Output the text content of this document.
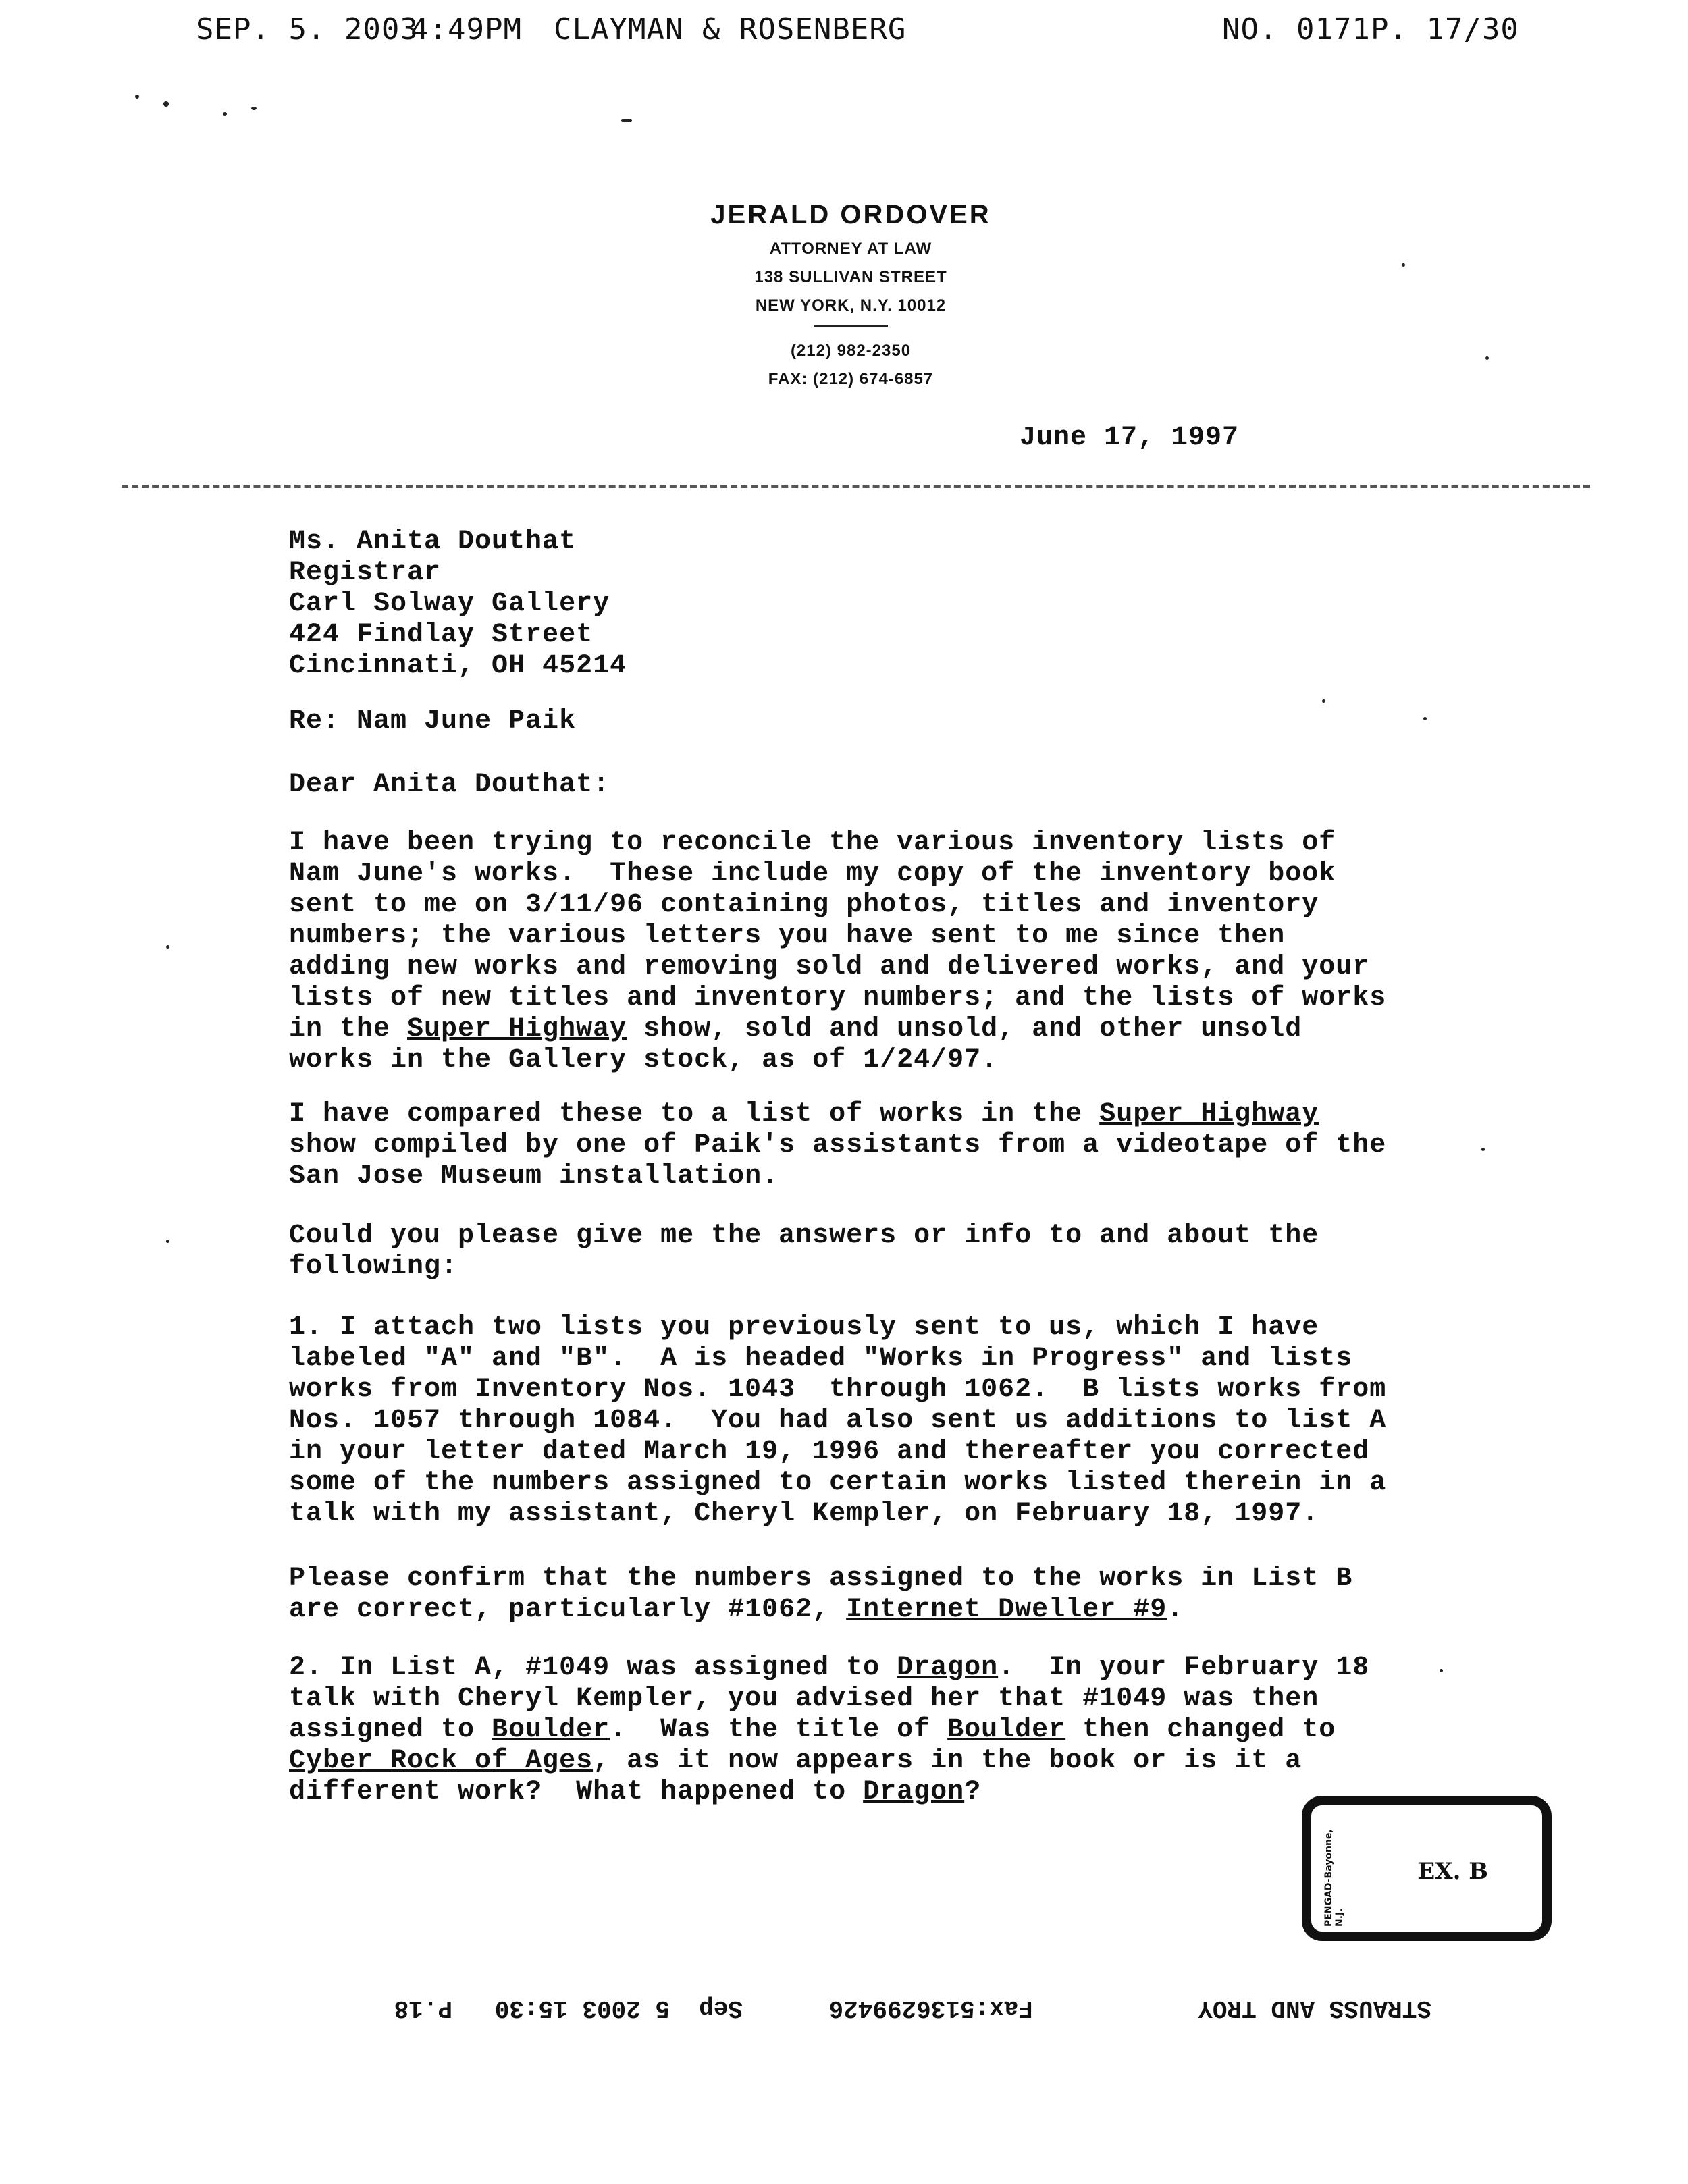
SEP. 5. 2003
4:49PM CLAYMAN & ROSENBERG	NO. 0171 P. 17/30
JERALD ORDOVER
ATTORNEY AT LAW
138 SULLIVAN STREET
NEW YORK, N.Y. 10012
(212) 982-2350
FAX: (212) 674-6857
June 17, 1997
Ms. Anita Douthat
Registrar
Carl Solway Gallery
424 Findlay Street
Cincinnati, OH 45214
Re: Nam June Paik
Dear Anita Douthat:
I have been trying to reconcile the various inventory lists of
Nam June's works.  These include my copy of the inventory book
sent to me on 3/11/96 containing photos, titles and inventory
numbers; the various letters you have sent to me since then
adding new works and removing sold and delivered works, and your
lists of new titles and inventory numbers; and the lists of works
in the Super Highway show, sold and unsold, and other unsold
works in the Gallery stock, as of 1/24/97.
I have compared these to a list of works in the Super Highway
show compiled by one of Paik's assistants from a videotape of the
San Jose Museum installation.
Could you please give me the answers or info to and about the
following:
1. I attach two lists you previously sent to us, which I have
labeled "A" and "B".  A is headed "Works in Progress" and lists
works from Inventory Nos. 1043  through 1062.  B lists works from
Nos. 1057 through 1084.  You had also sent us additions to list A
in your letter dated March 19, 1996 and thereafter you corrected
some of the numbers assigned to certain works listed therein in a
talk with my assistant, Cheryl Kempler, on February 18, 1997.
Please confirm that the numbers assigned to the works in List B
are correct, particularly #1062, Internet Dweller #9.
2. In List A, #1049 was assigned to Dragon.  In your February 18
talk with Cheryl Kempler, you advised her that #1049 was then
assigned to Boulder.  Was the title of Boulder then changed to
Cyber Rock of Ages, as it now appears in the book or is it a
different work?  What happened to Dragon?
PENGAD-Bayonne, N.J.
EX. B
STRAUSS AND TROY
Fax:5136299426
Sep  5 2003 15:30
P.18
